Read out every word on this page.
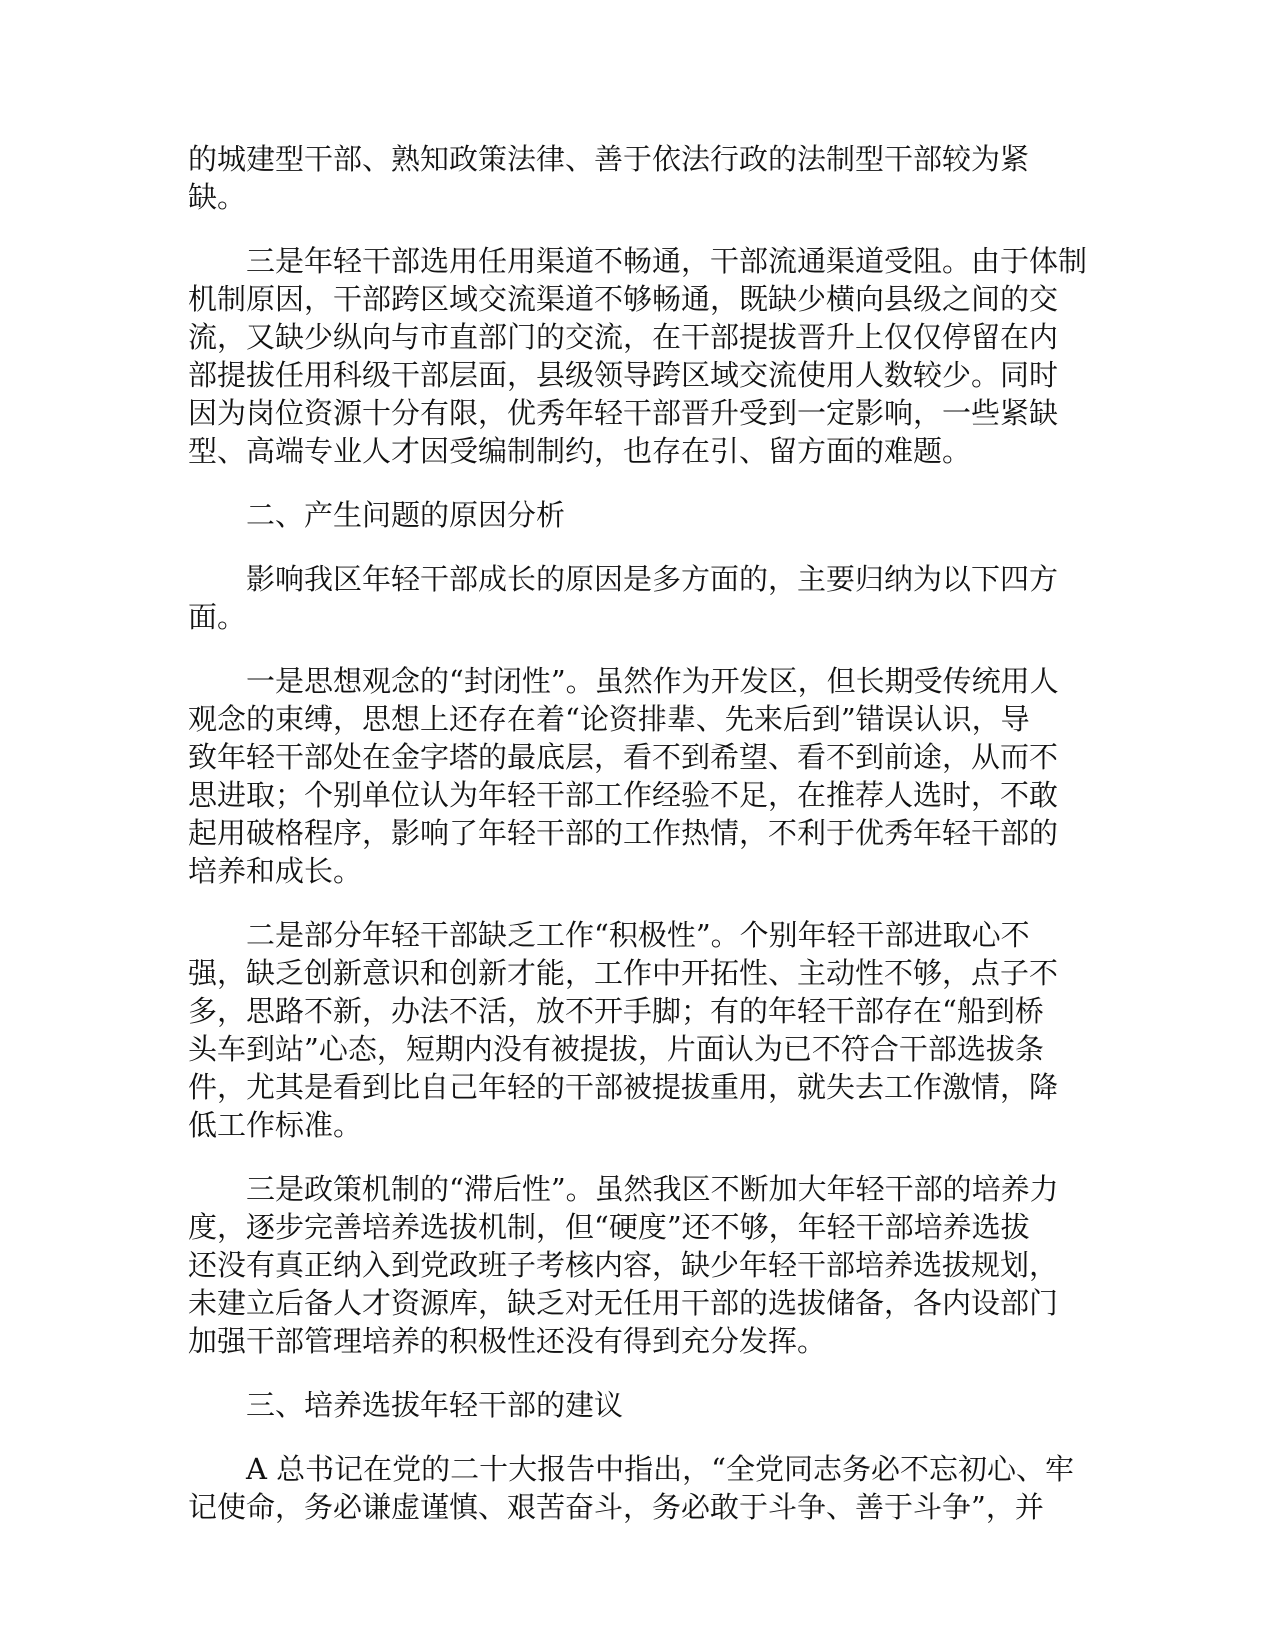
的城建型干部、熟知政策法律、善于依法行政的法制型干部较为紧
缺。

三是年轻干部选用任用渠道不畅通，干部流通渠道受阻。由于体制
机制原因，干部跨区域交流渠道不够畅通，既缺少横向县级之间的交
流，又缺少纵向与市直部门的交流，在干部提拔晋升上仅仅停留在内
部提拔任用科级干部层面，县级领导跨区域交流使用人数较少。同时
因为岗位资源十分有限，优秀年轻干部晋升受到一定影响，一些紧缺
型、高端专业人才因受编制制约，也存在引、留方面的难题。

二、产生问题的原因分析

影响我区年轻干部成长的原因是多方面的，主要归纳为以下四方
面。

一是思想观念的“封闭性”。虽然作为开发区，但长期受传统用人
观念的束缚，思想上还存在着“论资排辈、先来后到”错误认识，导
致年轻干部处在金字塔的最底层，看不到希望、看不到前途，从而不
思进取；个别单位认为年轻干部工作经验不足，在推荐人选时，不敢
起用破格程序，影响了年轻干部的工作热情，不利于优秀年轻干部的
培养和成长。

二是部分年轻干部缺乏工作“积极性”。个别年轻干部进取心不
强，缺乏创新意识和创新才能，工作中开拓性、主动性不够，点子不
多，思路不新，办法不活，放不开手脚；有的年轻干部存在“船到桥
头车到站”心态，短期内没有被提拔，片面认为已不符合干部选拔条
件，尤其是看到比自己年轻的干部被提拔重用，就失去工作激情，降
低工作标准。

三是政策机制的“滞后性”。虽然我区不断加大年轻干部的培养力
度，逐步完善培养选拔机制，但“硬度”还不够，年轻干部培养选拔
还没有真正纳入到党政班子考核内容，缺少年轻干部培养选拔规划，
未建立后备人才资源库，缺乏对无任用干部的选拔储备，各内设部门
加强干部管理培养的积极性还没有得到充分发挥。

三、培养选拔年轻干部的建议

A 总书记在党的二十大报告中指出，“全党同志务必不忘初心、牢
记使命，务必谦虚谨慎、艰苦奋斗，务必敢于斗争、善于斗争”，并
